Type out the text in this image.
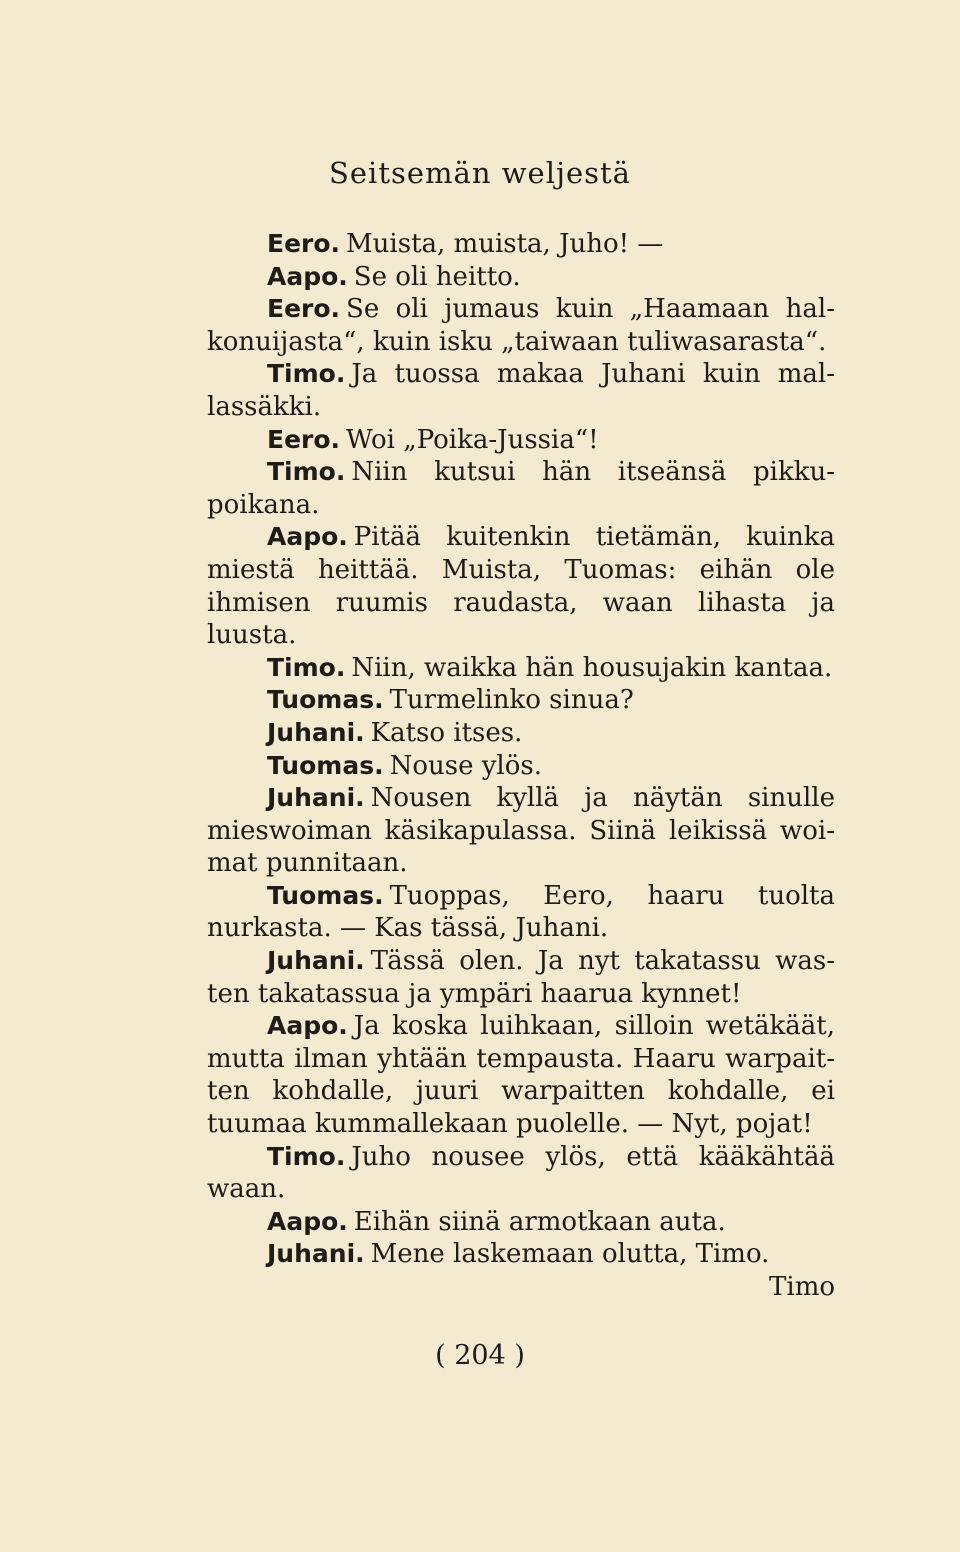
Seitsemän weljestä

Eero. Muista, muista, Juho! —

Aapo. Se oli heitto.

Eero. Se oli jumaus kuin „Haamaan hal-konuijasta“, kuin isku „taiwaan tuliwasarasta“.

Timo. Ja tuossa makaa Juhani kuin mal-lassäkki.

Eero. Woi „Poika-Jussia“!

Timo. Niin kutsui hän itseänsä pikku-poikana.

Aapo. Pitää kuitenkin tietämän, kuinka miestä heittää. Muista, Tuomas: eihän ole ihmisen ruumis raudasta, waan lihasta ja luusta.

Timo. Niin, waikka hän housujakin kantaa.

Tuomas. Turmelinko sinua?

Juhani. Katso itses.

Tuomas. Nouse ylös.

Juhani. Nousen kyllä ja näytän sinulle mieswoiman käsikapulassa. Siinä leikissä woi-mat punnitaan.

Tuomas. Tuoppas, Eero, haaru tuolta nurkasta. — Kas tässä, Juhani.

Juhani. Tässä olen. Ja nyt takatassu was-ten takatassua ja ympäri haarua kynnet!

Aapo. Ja koska luihkaan, silloin wetäkäät, mutta ilman yhtään tempausta. Haaru warpait-ten kohdalle, juuri warpaitten kohdalle, ei tuumaa kummallekaan puolelle. — Nyt, pojat!

Timo. Juho nousee ylös, että kääkähtää waan.

Aapo. Eihän siinä armotkaan auta.

Juhani. Mene laskemaan olutta, Timo.

Timo

( 204 )
